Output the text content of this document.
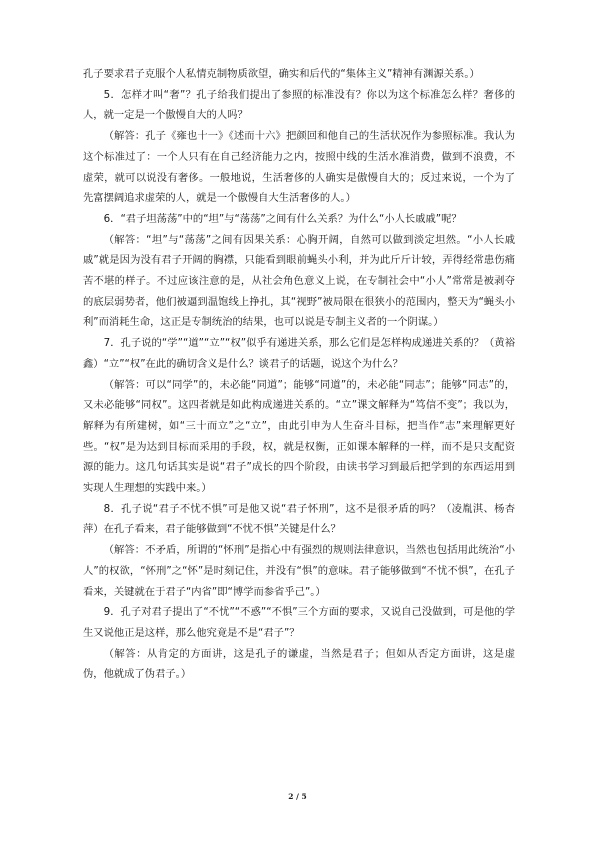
孔子要求君子克服个人私情克制物质欲望，确实和后代的“集体主义”精神有渊源关系。）

5．怎样才叫“奢”？孔子给我们提出了参照的标准没有？你以为这个标准怎么样？奢侈的人，就一定是一个傲慢自大的人吗？

（解答：孔子《雍也十一》《述而十六》把颜回和他自己的生活状况作为参照标准。我认为这个标准过了：一个人只有在自己经济能力之内，按照中线的生活水准消费，做到不浪费，不虚荣，就可以说没有奢侈。一般地说，生活奢侈的人确实是傲慢自大的；反过来说，一个为了先富摆阔追求虚荣的人，就是一个傲慢自大生活奢侈的人。）

6．“君子坦荡荡”中的“坦”与“荡荡”之间有什么关系？为什么“小人长戚戚”呢？

（解答：“坦”与“荡荡”之间有因果关系：心胸开阔，自然可以做到淡定坦然。“小人长戚戚”就是因为没有君子开阔的胸襟，只能看到眼前蝇头小利，并为此斤斤计较，弄得经常患伤痛苦不堪的样子。不过应该注意的是，从社会角色意义上说，在专制社会中“小人”常常是被剥夺的底层弱势者，他们被逼到温饱线上挣扎，其“视野”被局限在很狭小的范围内，整天为“蝇头小利”而消耗生命，这正是专制统治的结果，也可以说是专制主义者的一个阴谋。）

7．孔子说的“学”“道”“立”“权”似乎有递进关系，那么它们是怎样构成递进关系的？（黄裕鑫）“立”“权”在此的确切含义是什么？谈君子的话题，说这个为什么？

（解答：可以“同学”的，未必能“同道”；能够“同道”的，未必能“同志”；能够“同志”的，又未必能够“同权”。这四者就是如此构成递进关系的。“立”课文解释为“笃信不变”；我以为，解释为有所建树，如“三十而立”之“立”，由此引申为人生奋斗目标，把当作“志”来理解更好些。“权”是为达到目标而采用的手段，权，就是权衡，正如课本解释的一样，而不是只支配资源的能力。这几句话其实是说“君子”成长的四个阶段，由读书学习到最后把学到的东西运用到实现人生理想的实践中来。）

8．孔子说“君子不忧不惧”可是他又说“君子怀刑”，这不是很矛盾的吗？（凌胤淇、杨杏萍）在孔子看来，君子能够做到“不忧不惧”关键是什么？

（解答：不矛盾，所谓的“怀刑”是指心中有强烈的规则法律意识，当然也包括用此统治“小人”的权欲，“怀刑”之“怀”是时刻记住，并没有“惧”的意味。君子能够做到“不忧不惧”，在孔子看来，关键就在于君子“内省”即“博学而参省乎己”。）

9．孔子对君子提出了“不忧”“不惑”“不惧”三个方面的要求，又说自己没做到，可是他的学生又说他正是这样，那么他究竟是不是“君子”？

（解答：从肯定的方面讲，这是孔子的谦虚，当然是君子；但如从否定方面讲，这是虚伪，他就成了伪君子。）

2 / 5
